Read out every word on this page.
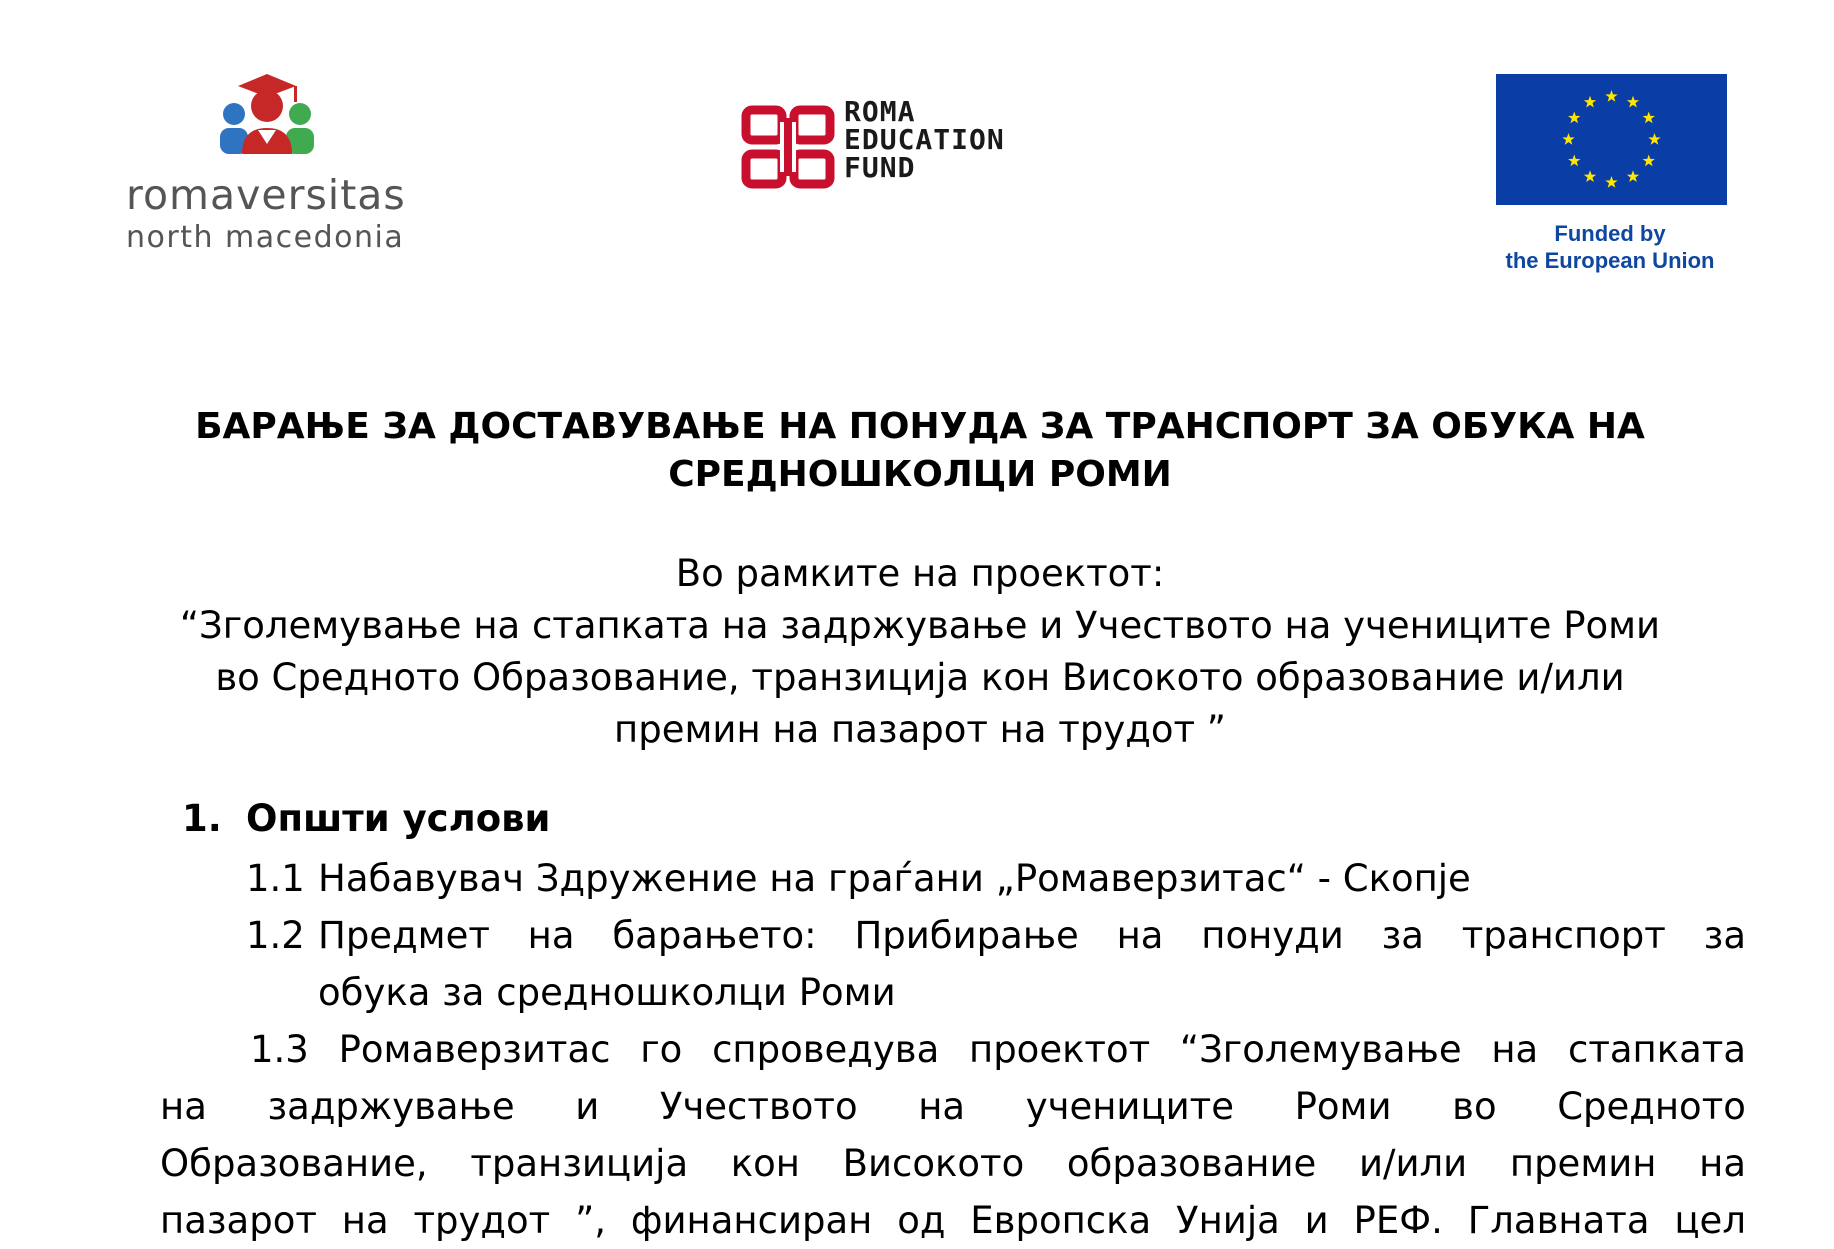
romaversitas
north macedonia
ROMA
EDUCATION
FUND
Funded by
the European Union
БАРАЊЕ ЗА ДОСТАВУВАЊЕ НА ПОНУДА ЗА ТРАНСПОРТ ЗА ОБУКА НА
СРЕДНОШКОЛЦИ РОМИ
Во рамките на проектот:
“Зголемување на стапката на задржување и Учеството на учениците Роми
во Средното Образование, транзиција кон Високото образование и/или
премин на пазарот на трудот ”
1. Општи услови
1.1 Набавувач Здружение на граѓани „Ромаверзитас“ - Скопје
1.2 Предмет на барањето: Прибирање на понуди за транспорт за
обука за средношколци Роми
1.3 Ромаверзитас го спроведува проектот “Зголемување на стапката
на задржување и Учеството на учениците Роми во Средното
Образование, транзиција кон Високото образование и/или премин на
пазарот на трудот ”, финансиран од Европска Унија и РЕФ. Главната цел
